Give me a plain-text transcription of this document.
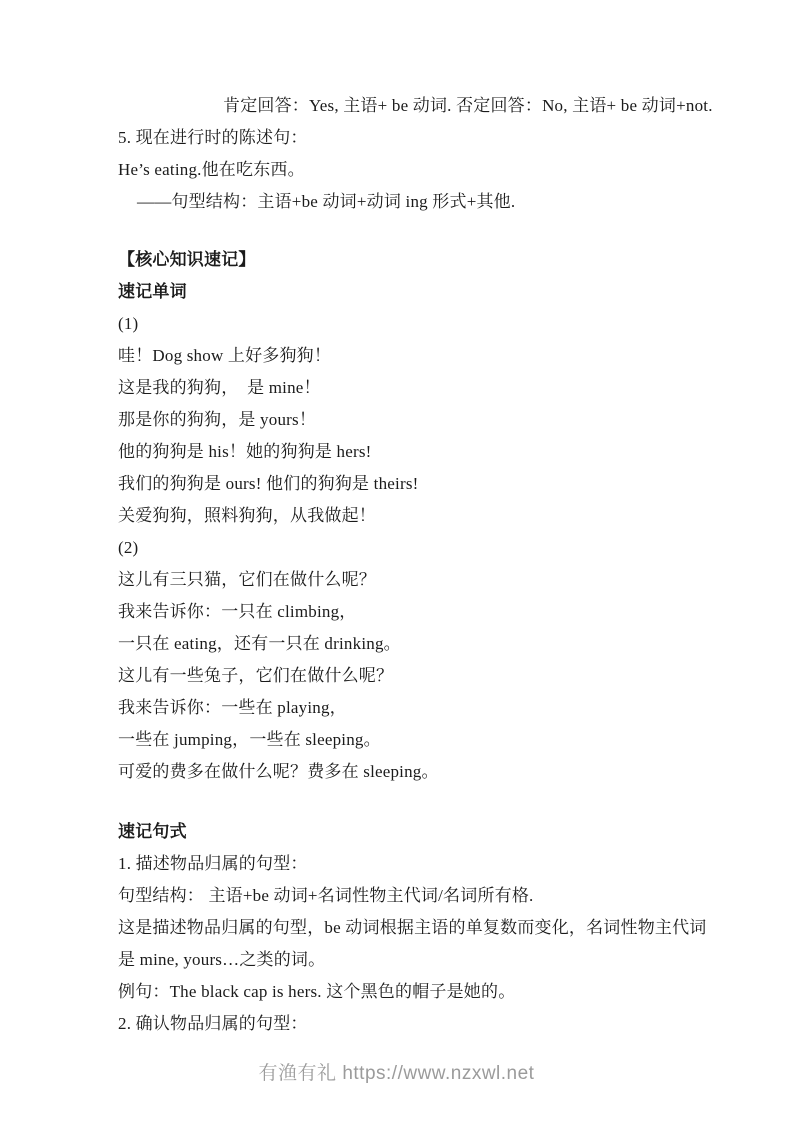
肯定回答：Yes, 主语+ be 动词. 否定回答：No, 主语+ be 动词+not.
5. 现在进行时的陈述句：
He’s eating.他在吃东西。
——句型结构：主语+be 动词+动词 ing 形式+其他.
【核心知识速记】
速记单词
(1)
哇！Dog show 上好多狗狗！
这是我的狗狗，　是 mine！
那是你的狗狗，是 yours！
他的狗狗是 his！她的狗狗是 hers!
我们的狗狗是 ours! 他们的狗狗是 theirs!
关爱狗狗，照料狗狗，从我做起！
(2)
这儿有三只猫，它们在做什么呢？
我来告诉你：一只在 climbing，
一只在 eating，还有一只在 drinking。
这儿有一些兔子，它们在做什么呢？
我来告诉你：一些在 playing，
一些在 jumping，一些在 sleeping。
可爱的费多在做什么呢？费多在 sleeping。
速记句式
1. 描述物品归属的句型：
句型结构： 主语+be 动词+名词性物主代词/名词所有格.
这是描述物品归属的句型，be 动词根据主语的单复数而变化，名词性物主代词
是 mine, yours…之类的词。
例句：The black cap is hers. 这个黑色的帽子是她的。
2. 确认物品归属的句型：
有渔有礼 https://www.nzxwl.net
